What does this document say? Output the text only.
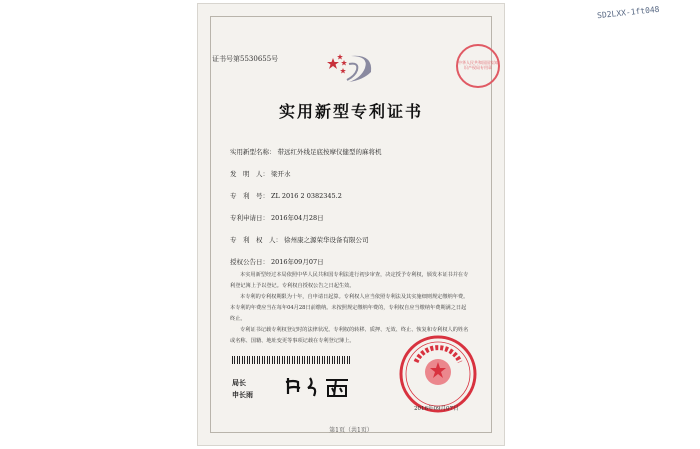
SD2LXX-1ft048
证书号第5530655号	中华人民共和国国家知识产权局专用章
实用新型专利证书
实用新型名称： 带远红外线足底按摩仪健型的麻将机
发　明　人： 梁开水
专　利　号： ZL 2016 2 0382345.2
专利申请日： 2016年04月28日
专　利　权　人： 徐州康之源荣华设备有限公司
授权公告日： 2016年09月07日

本实用新型经过本局依照中华人民共和国专利法进行初步审查，决定授予专利权，颁发本证书并在专利登记簿上予以登记。专利权自授权公告之日起生效。

本专利的专利权期限为十年，自申请日起算。专利权人应当依照专利法及其实施细则规定缴纳年费。本专利的年费应当在每年04月28日前缴纳。未按照规定缴纳年费的，专利权自应当缴纳年费期满之日起终止。

专利证书记载专利权登记时的法律状况。专利权的转移、质押、无效、终止、恢复和专利权人的姓名或名称、国籍、地址变更等事项记载在专利登记簿上。

局长
申长雨
2016年09月07日
第1页（共1页）
